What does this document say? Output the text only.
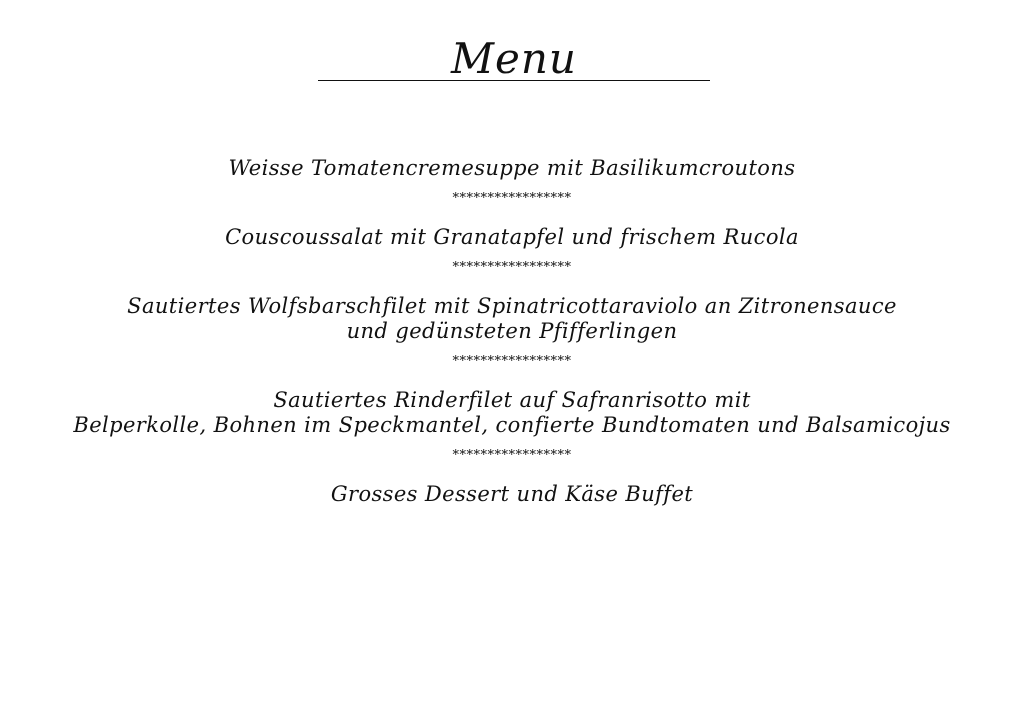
Menu

Weisse Tomatencremesuppe mit Basilikumcroutons

*****************

Couscoussalat mit Granatapfel und frischem Rucola

*****************

Sautiertes Wolfsbarschfilet mit Spinatricottaraviolo an Zitronensauce
und gedünsteten Pfifferlingen

*****************

Sautiertes Rinderfilet auf Safranrisotto mit
Belperkolle, Bohnen im Speckmantel, confierte Bundtomaten und Balsamicojus

*****************

Grosses Dessert und Käse Buffet
